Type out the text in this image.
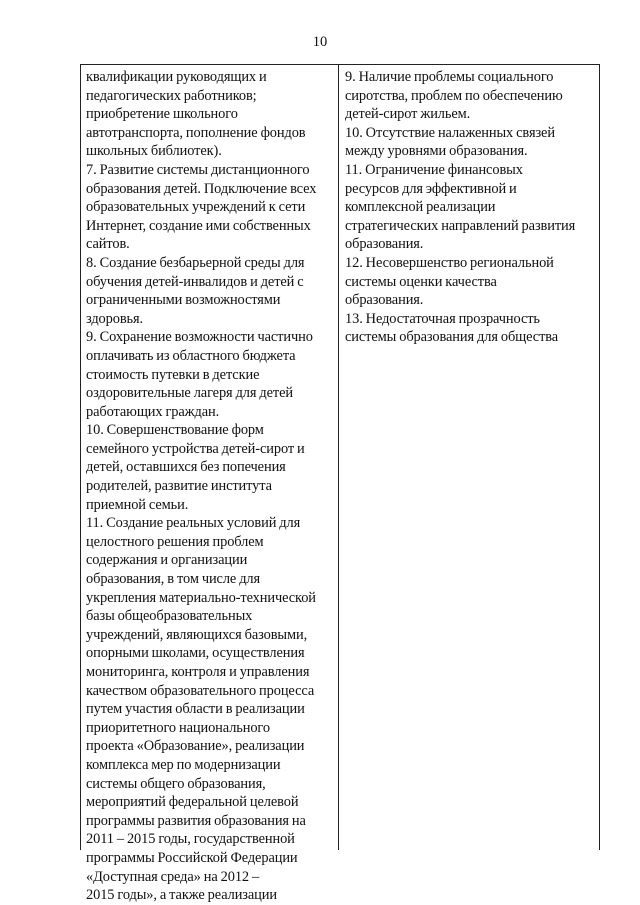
10
квалификации руководящих и
педагогических работников;
приобретение школьного
автотранспорта, пополнение фондов
школьных библиотек).
7. Развитие системы дистанционного
образования детей. Подключение всех
образовательных учреждений к сети
Интернет, создание ими собственных
сайтов.
8. Создание безбарьерной среды для
обучения детей-инвалидов и детей с
ограниченными возможностями
здоровья.
9. Сохранение возможности частично
оплачивать из областного бюджета
стоимость путевки в детские
оздоровительные лагеря для детей
работающих граждан.
10. Совершенствование форм
семейного устройства детей-сирот и
детей, оставшихся без попечения
родителей, развитие института
приемной семьи.
11. Создание реальных условий для
целостного решения проблем
содержания и организации
образования, в том числе для
укрепления материально-технической
базы общеобразовательных
учреждений, являющихся базовыми,
опорными школами, осуществления
мониторинга, контроля и управления
качеством образовательного процесса
путем участия области в реализации
приоритетного национального
проекта «Образование», реализации
комплекса мер по модернизации
системы общего образования,
мероприятий федеральной целевой
программы развития образования на
2011 – 2015 годы, государственной
программы Российской Федерации
«Доступная среда» на 2012 –
2015 годы», а также реализации
9. Наличие проблемы социального
сиротства, проблем по обеспечению
детей-сирот жильем.
10. Отсутствие налаженных связей
между уровнями образования.
11. Ограничение финансовых
ресурсов для эффективной и
комплексной реализации
стратегических направлений развития
образования.
12. Несовершенство региональной
системы оценки качества
образования.
13. Недостаточная прозрачность
системы образования для общества
